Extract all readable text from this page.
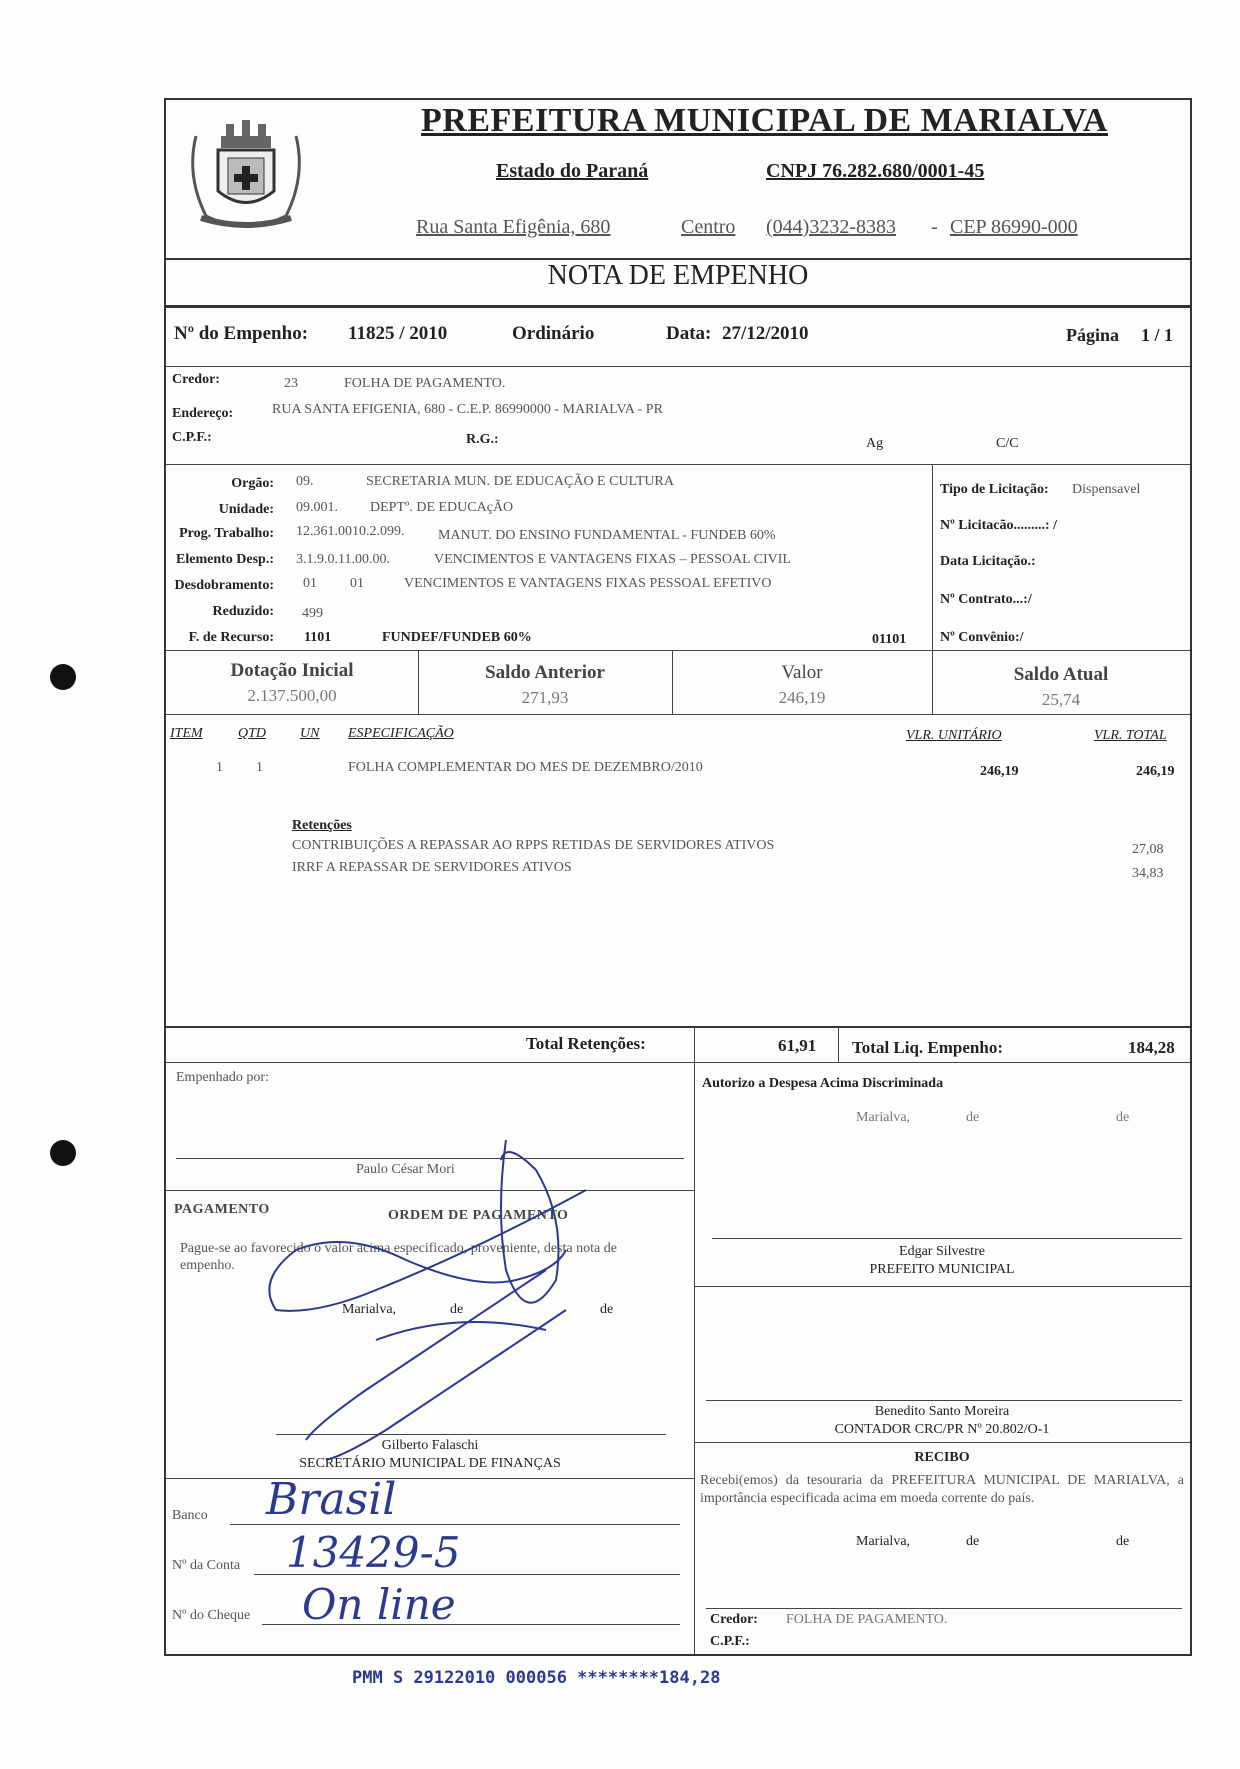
PREFEITURA MUNICIPAL DE MARIALVA
Estado do Paraná	CNPJ 76.282.680/0001-45
Rua Santa Efigênia, 680	Centro (044)3232-8383 - CEP 86990-000
NOTA DE EMPENHO
Nº do Empenho: 11825 / 2010	Ordinário	Data: 27/12/2010	Página 1 / 1
Credor:	23	FOLHA DE PAGAMENTO.
Endereço:	RUA SANTA EFIGENIA, 680 - C.E.P. 86990000 - MARIALVA - PR
C.P.F.:	R.G.:	Ag	C/C
Orgão: 09.	SECRETARIA MUN. DE EDUCAÇÃO E CULTURA
Unidade: 09.001. DEPTº. DE EDUCAçÃO
Prog. Trabalho: 12.361.0010.2.099. MANUT. DO ENSINO FUNDAMENTAL - FUNDEB 60%
Elemento Desp.: 3.1.9.0.11.00.00.	VENCIMENTOS E VANTAGENS FIXAS – PESSOAL CIVIL
Desdobramento: 01 01	VENCIMENTOS E VANTAGENS FIXAS PESSOAL EFETIVO
Reduzido: 499
F. de Recurso: 1101	FUNDEF/FUNDEB 60%	01101
Tipo de Licitação: Dispensavel
Nº Licitacão.........: /
Data Licitação.:
Nº Contrato...:/
Nº Convênio:/
Dotação Inicial
2.137.500,00
Saldo Anterior
271,93
Valor
246,19
Saldo Atual
25,74
ITEM	QTD UN ESPECIFICAÇÃO	VLR. UNITÁRIO	VLR. TOTAL
1 1	FOLHA COMPLEMENTAR DO MES DE DEZEMBRO/2010	246,19	246,19
Retenções
CONTRIBUIÇÕES A REPASSAR AO RPPS RETIDAS DE SERVIDORES ATIVOS	27,08
IRRF A REPASSAR DE SERVIDORES ATIVOS	34,83
Total Retenções:	61,91 Total Liq. Empenho:	184,28
Empenhado por:
Paulo César Mori
Autorizo a Despesa Acima Discriminada
Marialva,	de	de
Edgar Silvestre
PREFEITO MUNICIPAL
Benedito Santo Moreira
CONTADOR CRC/PR Nº 20.802/O-1
PAGAMENTO	ORDEM DE PAGAMENTO
Pague-se ao favorecido o valor acima especificado, proveniente, desta nota de empenho.
Marialva,	de	de
Gilberto Falaschi
SECRETÁRIO MUNICIPAL DE FINANÇAS
Banco Brasil
Nº da Conta 13429-5
Nº do Cheque On line
RECIBO
Recebi(emos) da tesouraria da PREFEITURA MUNICIPAL DE MARIALVA, a importância especificada acima em moeda corrente do país.
Marialva,	de	de
Credor: FOLHA DE PAGAMENTO.
C.P.F.:
PMM S 29122010 000056 ********184,28
